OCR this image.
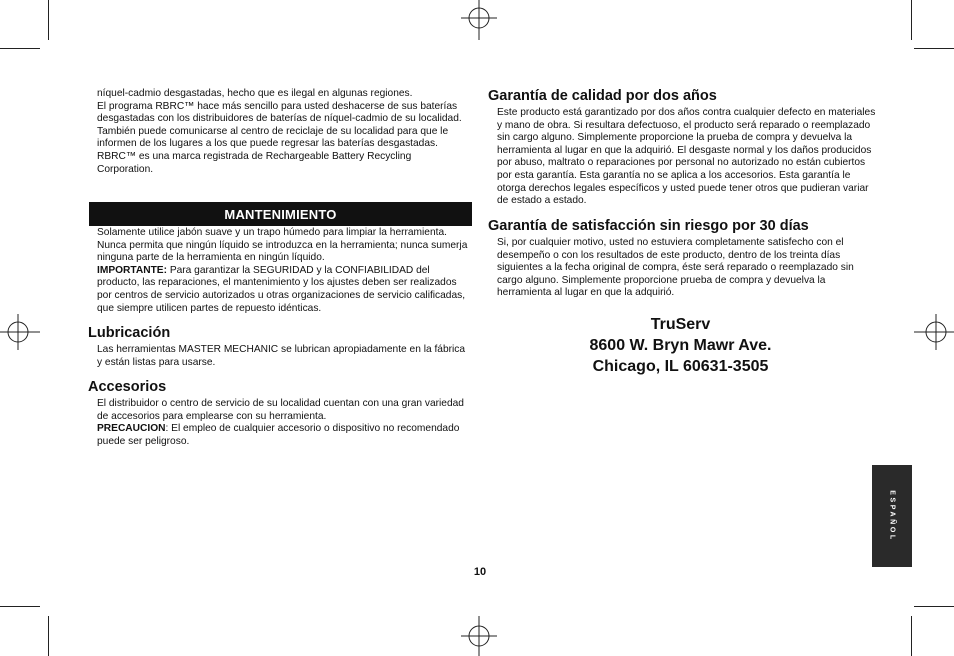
níquel-cadmio desgastadas, hecho que es ilegal en algunas regiones.

El programa RBRC™ hace más sencillo para usted deshacerse de sus baterías desgastadas con los distribuidores de baterías de níquel-cadmio de su localidad. También puede comunicarse al centro de reciclaje de su localidad para que le informen de los lugares a los que puede regresar las baterías desgastadas.

RBRC™ es una marca registrada de Rechargeable Battery Recycling Corporation.

MANTENIMIENTO

Solamente utilice jabón suave y un trapo húmedo para limpiar la herramienta. Nunca permita que ningún líquido se introduzca en la herramienta; nunca sumerja ninguna parte de la herramienta en ningún líquido.

IMPORTANTE: Para garantizar la SEGURIDAD y la CONFIABILIDAD del producto, las reparaciones, el mantenimiento y los ajustes deben ser realizados por centros de servicio autorizados u otras organizaciones de servicio calificadas, que siempre utilicen partes de repuesto idénticas.

Lubricación

Las herramientas MASTER MECHANIC se lubrican apropiadamente en la fábrica y están listas para usarse.

Accesorios

El distribuidor o centro de servicio de su localidad cuentan con una gran variedad de accesorios para emplearse con su herramienta.

PRECAUCION: El empleo de cualquier accesorio o dispositivo no recomendado puede ser peligroso.

Garantía de calidad por dos años

Este producto está garantizado por dos años contra cualquier defecto en materiales y mano de obra. Si resultara defectuoso, el producto será reparado o reemplazado sin cargo alguno. Simplemente proporcione la prueba de compra y devuelva la herramienta al lugar en que la adquirió. El desgaste normal y los daños producidos por abuso, maltrato o reparaciones por personal no autorizado no están cubiertos por esta garantía. Esta garantía no se aplica a los accesorios. Esta garantía le otorga derechos legales específicos y usted puede tener otros que pudieran variar de estado a estado.

Garantía de satisfacción sin riesgo por 30 días

Si, por cualquier motivo, usted no estuviera completamente satisfecho con el desempeño o con los resultados de este producto, dentro de los treinta días siguientes a la fecha original de compra, éste será reparado o reemplazado sin cargo alguno. Simplemente proporcione prueba de compra y devuelva la herramienta al lugar en que la adquirió.

TruServ
8600 W. Bryn Mawr Ave.
Chicago, IL 60631-3505
ESPAÑOL
10
